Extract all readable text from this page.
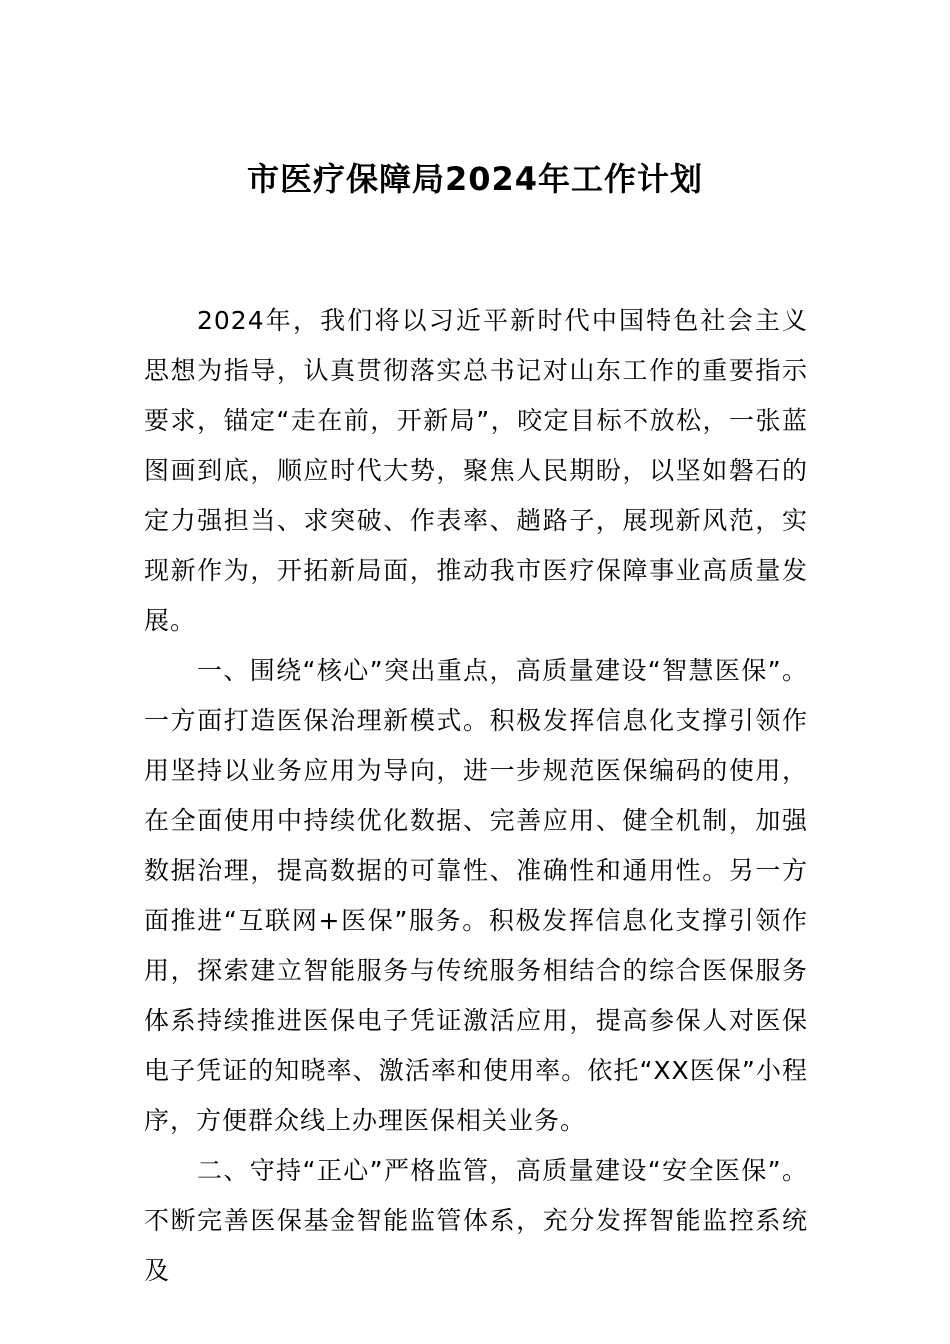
市医疗保障局2024年工作计划

2024年，我们将以习近平新时代中国特色社会主义思想为指导，认真贯彻落实总书记对山东工作的重要指示要求，锚定“走在前，开新局”，咬定目标不放松，一张蓝图画到底，顺应时代大势，聚焦人民期盼，以坚如磐石的定力强担当、求突破、作表率、趟路子，展现新风范，实现新作为，开拓新局面，推动我市医疗保障事业高质量发展。

一、围绕“核心”突出重点，高质量建设“智慧医保”。一方面打造医保治理新模式。积极发挥信息化支撑引领作用坚持以业务应用为导向，进一步规范医保编码的使用，在全面使用中持续优化数据、完善应用、健全机制，加强数据治理，提高数据的可靠性、准确性和通用性。另一方面推进“互联网+医保”服务。积极发挥信息化支撑引领作用，探索建立智能服务与传统服务相结合的综合医保服务体系持续推进医保电子凭证激活应用，提高参保人对医保电子凭证的知晓率、激活率和使用率。依托“XX医保”小程序，方便群众线上办理医保相关业务。

二、守持“正心”严格监管，高质量建设“安全医保”。不断完善医保基金智能监管体系，充分发挥智能监控系统及
